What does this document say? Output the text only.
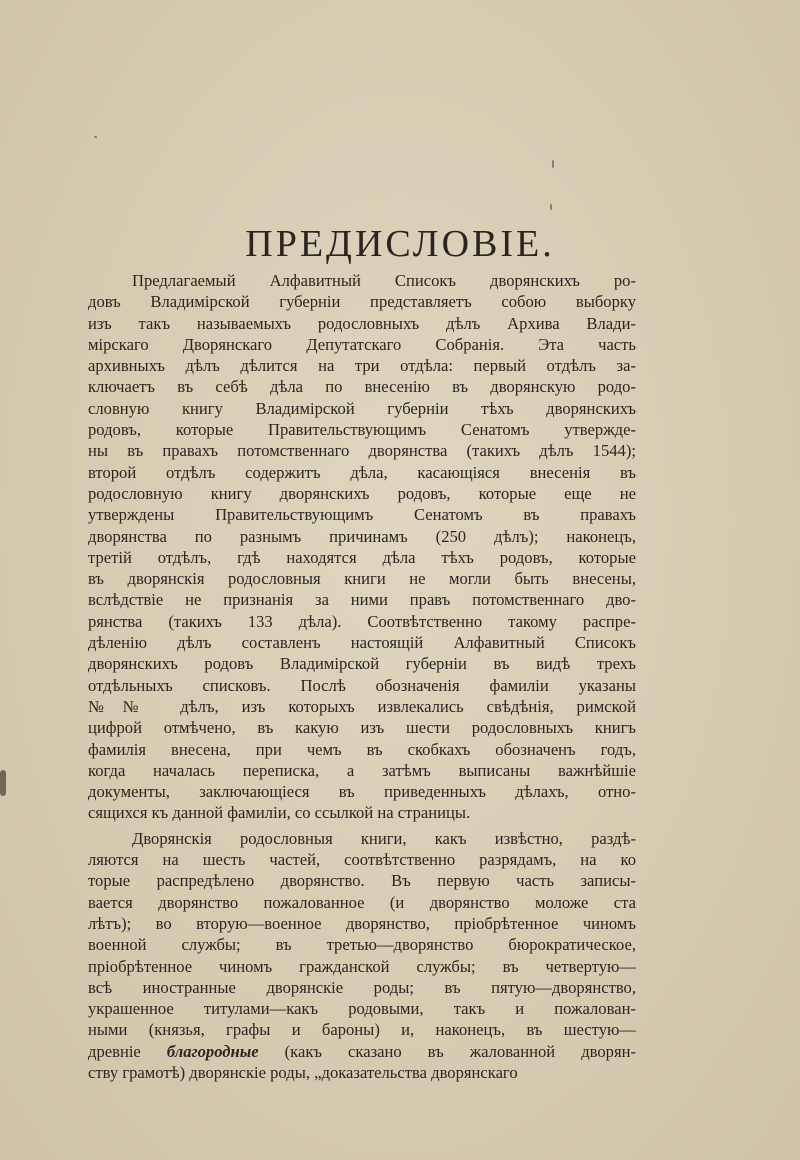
ПРЕДИСЛОВІЕ.
Предлагаемый Алфавитный Списокъ дворянскихъ ро-
довъ Владимірской губерніи представляетъ собою выборку
изъ такъ называемыхъ родословныхъ дѣлъ Архива Влади-
мірскаго Дворянскаго Депутатскаго Собранія. Эта часть
архивныхъ дѣлъ дѣлится на три отдѣла: первый отдѣлъ за-
ключаетъ въ себѣ дѣла по внесенію въ дворянскую родо-
словную книгу Владимірской губерніи тѣхъ дворянскихъ
родовъ, которые Правительствующимъ Сенатомъ утвержде-
ны въ правахъ потомственнаго дворянства (такихъ дѣлъ 1544);
второй отдѣлъ содержитъ дѣла, касающіяся внесенія въ
родословную книгу дворянскихъ родовъ, которые еще не
утверждены Правительствующимъ Сенатомъ въ правахъ
дворянства по разнымъ причинамъ (250 дѣлъ); наконецъ,
третій отдѣлъ, гдѣ находятся дѣла тѣхъ родовъ, которые
въ дворянскія родословныя книги не могли быть внесены,
вслѣдствіе не признанія за ними правъ потомственнаго дво-
рянства (такихъ 133 дѣла). Соотвѣтственно такому распре-
дѣленію дѣлъ составленъ настоящій Алфавитный Списокъ
дворянскихъ родовъ Владимірской губерніи въ видѣ трехъ
отдѣльныхъ списковъ. Послѣ обозначенія фамиліи указаны
№№ дѣлъ, изъ которыхъ извлекались свѣдѣнія, римской
цифрой отмѣчено, въ какую изъ шести родословныхъ книгъ
фамилія внесена, при чемъ въ скобкахъ обозначенъ годъ,
когда началась переписка, а затѣмъ выписаны важнѣйшіе
документы, заключающіеся въ приведенныхъ дѣлахъ, отно-
сящихся къ данной фамиліи, со ссылкой на страницы.
Дворянскія родословныя книги, какъ извѣстно, раздѣ-
ляются на шесть частей, соотвѣтственно разрядамъ, на ко
торые распредѣлено дворянство. Въ первую часть записы-
вается дворянство пожалованное (и дворянство моложе ста
лѣтъ); во вторую—военное дворянство, пріобрѣтенное чиномъ
военной службы; въ третью—дворянство бюрократическое,
пріобрѣтенное чиномъ гражданской службы; въ четвертую—
всѣ иностранные дворянскіе роды; въ пятую—дворянство,
украшенное титулами—какъ родовыми, такъ и пожалован-
ными (князья, графы и бароны) и, наконецъ, въ шестую—
древніе благородные (какъ сказано въ жалованной дворян-
ству грамотѣ) дворянскіе роды, „доказательства дворянскаго
